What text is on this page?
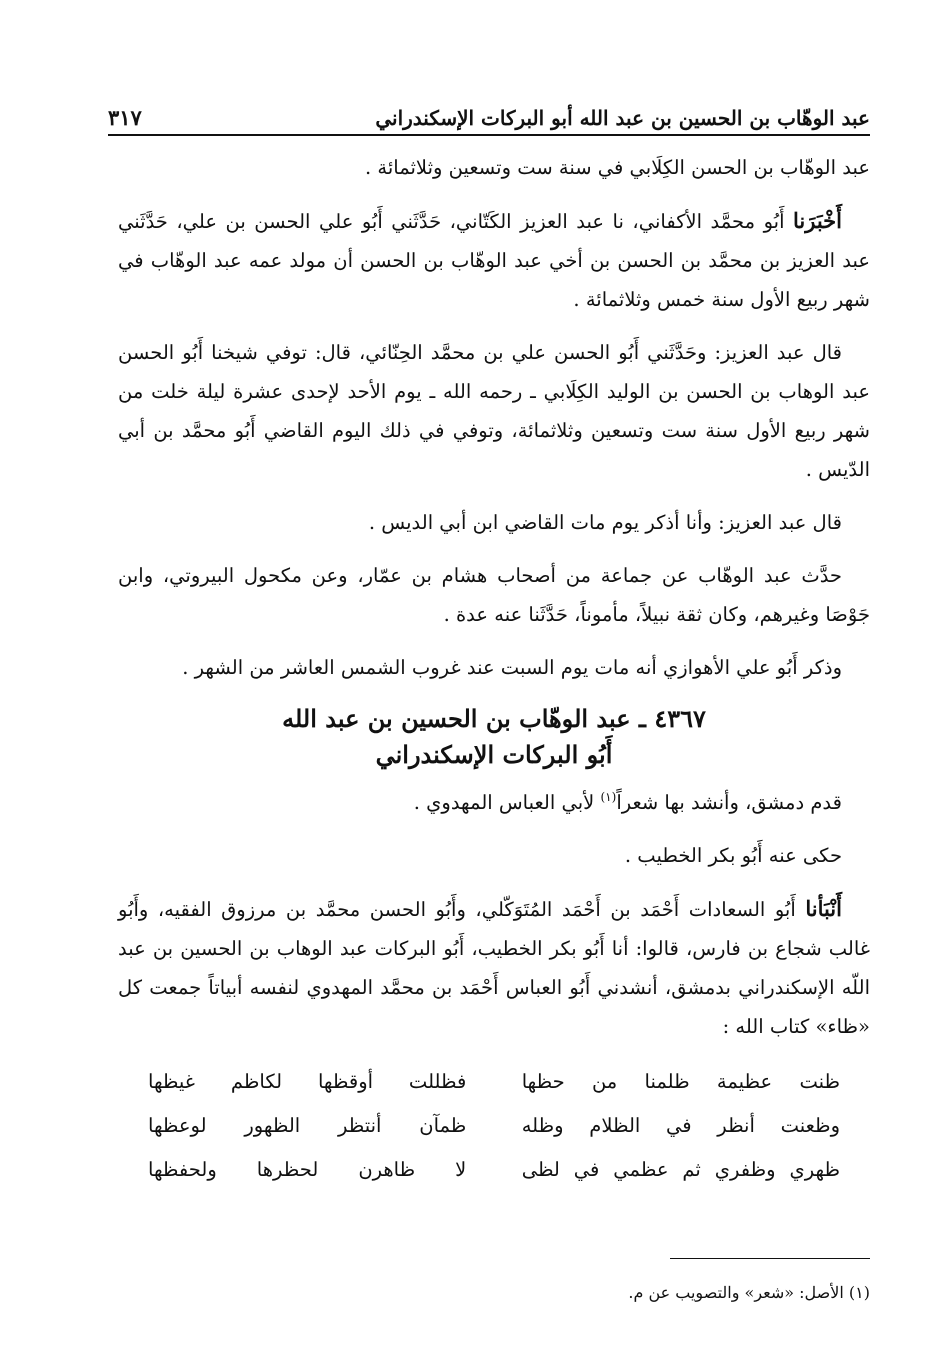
عبد الوهّاب بن الحسين بن عبد الله أبو البركات الإسكندراني
٣١٧

عبد الوهّاب بن الحسن الكِلَابي في سنة ست وتسعين وثلاثمائة .

أَخْبَرَنا أَبُو محمَّد الأكفاني، نا عبد العزيز الكَتّاني، حَدَّثَني أَبُو علي الحسن بن علي، حَدَّثَني عبد العزيز بن محمَّد بن الحسن بن أخي عبد الوهّاب بن الحسن أن مولد عمه عبد الوهّاب في شهر ربيع الأول سنة خمس وثلاثمائة .

قال عبد العزيز: وحَدَّثَني أَبُو الحسن علي بن محمَّد الحِنّائي، قال: توفي شيخنا أَبُو الحسن عبد الوهاب بن الحسن بن الوليد الكِلَابي ـ رحمه الله ـ يوم الأحد لإحدى عشرة ليلة خلت من شهر ربيع الأول سنة ست وتسعين وثلاثمائة، وتوفي في ذلك اليوم القاضي أَبُو محمَّد بن أبي الدّيس .

قال عبد العزيز: وأنا أذكر يوم مات القاضي ابن أبي الديس .

حدَّث عبد الوهّاب عن جماعة من أصحاب هشام بن عمّار، وعن مكحول البيروتي، وابن جَوْصَا وغيرهم، وكان ثقة نبيلاً، مأموناً، حَدَّثَنا عنه عدة .

وذكر أَبُو علي الأهوازي أنه مات يوم السبت عند غروب الشمس العاشر من الشهر .

٤٣٦٧ ـ عبد الوهّاب بن الحسين بن عبد الله
أَبُو البركات الإسكندراني

قدم دمشق، وأنشد بها شعراً$^{(١)}$ لأبي العباس المهدوي .

حكى عنه أَبُو بكر الخطيب .

أَنْبَأنا أَبُو السعادات أَحْمَد بن أَحْمَد المُتَوَكّلي، وأَبُو الحسن محمَّد بن مرزوق الفقيه، وأَبُو غالب شجاع بن فارس، قالوا: أنا أَبُو بكر الخطيب، أَبُو البركات عبد الوهاب بن الحسين بن عبد اللّه الإسكندراني بدمشق، أنشدني أَبُو العباس أَحْمَد بن محمَّد المهدوي لنفسه أبياتاً جمعت كل «ظاء» كتاب الله :

ظنت عظيمة ظلمنا من حظها
فظللت أوقظها لكاظم غيظها
وظعنت أنظر في الظلام وظله
ظمآن أنتظر الظهور لوعظها
ظهري وظفري ثم عظمي في لظى
لا ظاهرن لحظرها ولحفظها
(١) الأصل: «شعر» والتصويب عن م.
